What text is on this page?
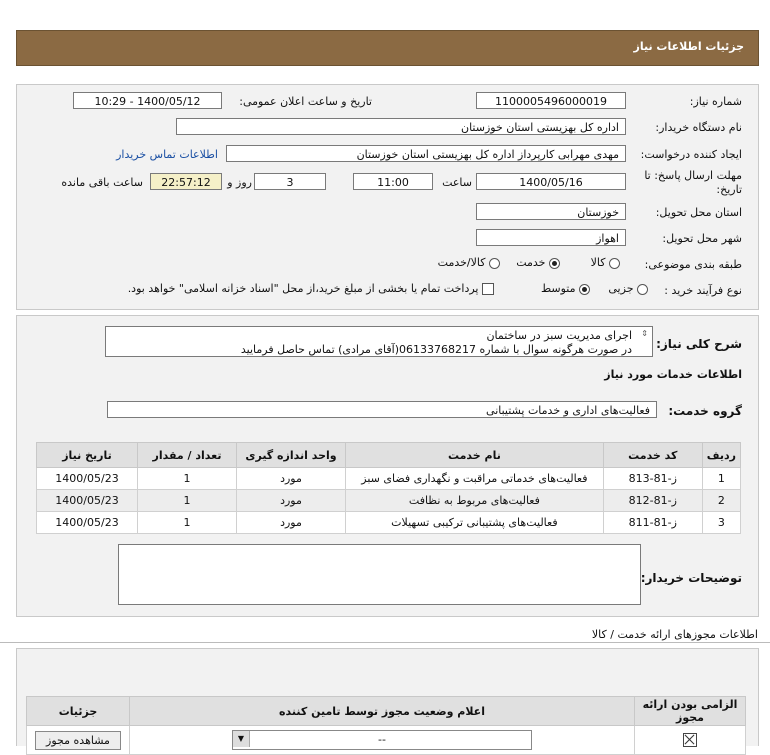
جزئیات اطلاعات نیاز
شماره نیاز:
1100005496000019
تاریخ و ساعت اعلان عمومی:
1400/05/12 - 10:29
نام دستگاه خریدار:
اداره کل بهزیستی استان خوزستان
ایجاد کننده درخواست:
مهدی مهرابی کارپرداز اداره کل بهزیستی استان خوزستان
اطلاعات تماس خریدار
مهلت ارسال پاسخ: تا تاریخ:
1400/05/16
ساعت
11:00
3
روز و
22:57:12
ساعت باقی مانده
استان محل تحویل:
خوزستان
شهر محل تحویل:
اهواز
طبقه بندی موضوعی:
کالا
خدمت
کالا/خدمت
نوع فرآیند خرید :
جزیی
متوسط
پرداخت تمام یا بخشی از مبلغ خرید،از محل "اسناد خزانه اسلامی" خواهد بود.
شرح کلی نیاز:
اجرای مدیریت سبز در ساختمان
در صورت هرگونه سوال با شماره 06133768217(آقای مرادی) تماس حاصل فرمایید
⇕
اطلاعات خدمات مورد نیاز
گروه خدمت:
فعالیت‌های اداری و خدمات پشتیبانی
ردیف	کد خدمت	نام خدمت	واحد اندازه گیری	تعداد / مقدار	تاریخ نیاز
1	ز-81-813	فعالیت‌های خدماتی مراقبت و نگهداری فضای سبز	مورد	1	1400/05/23
2	ز-81-812	فعالیت‌های مربوط به نظافت	مورد	1	1400/05/23
3	ز-81-811	فعالیت‌های پشتیبانی ترکیبی تسهیلات	مورد	1	1400/05/23
توضیحات خریدار:
اطلاعات مجوزهای ارائه خدمت / کالا
الزامی بودن ارائه مجوز	اعلام وضعیت مجوز توسط تامین کننده	جزئیات

	▼ --	مشاهده مجوز
